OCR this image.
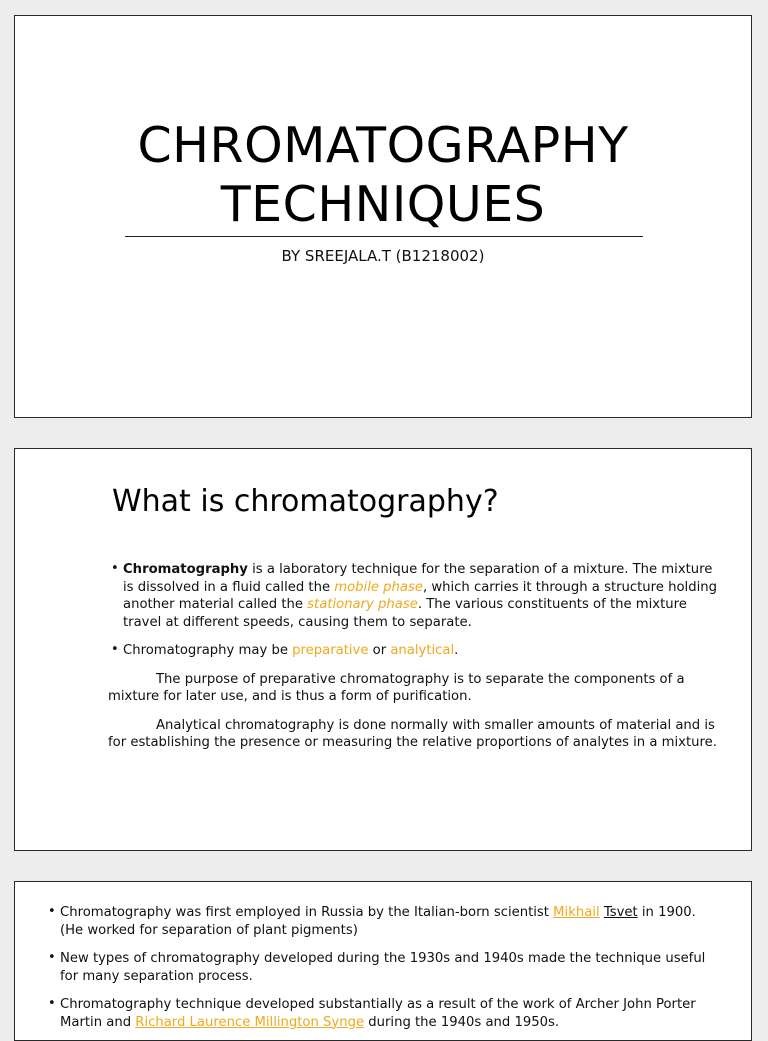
CHROMATOGRAPHY
TECHNIQUES
BY SREEJALA.T (B1218002)
What is chromatography?
• Chromatography is a laboratory technique for the separation of a mixture. The mixture is dissolved in a fluid called the mobile phase, which carries it through a structure holding another material called the stationary phase. The various constituents of the mixture travel at different speeds, causing them to separate.
• Chromatography may be preparative or analytical.
The purpose of preparative chromatography is to separate the components of a mixture for later use, and is thus a form of purification.
Analytical chromatography is done normally with smaller amounts of material and is for establishing the presence or measuring the relative proportions of analytes in a mixture.
• Chromatography was first employed in Russia by the Italian-born scientist Mikhail Tsvet in 1900.(He worked for separation of plant pigments)
• New types of chromatography developed during the 1930s and 1940s made the technique useful for many separation process.
• Chromatography technique developed substantially as a result of the work of Archer John Porter Martin and Richard Laurence Millington Synge during the 1940s and 1950s.
